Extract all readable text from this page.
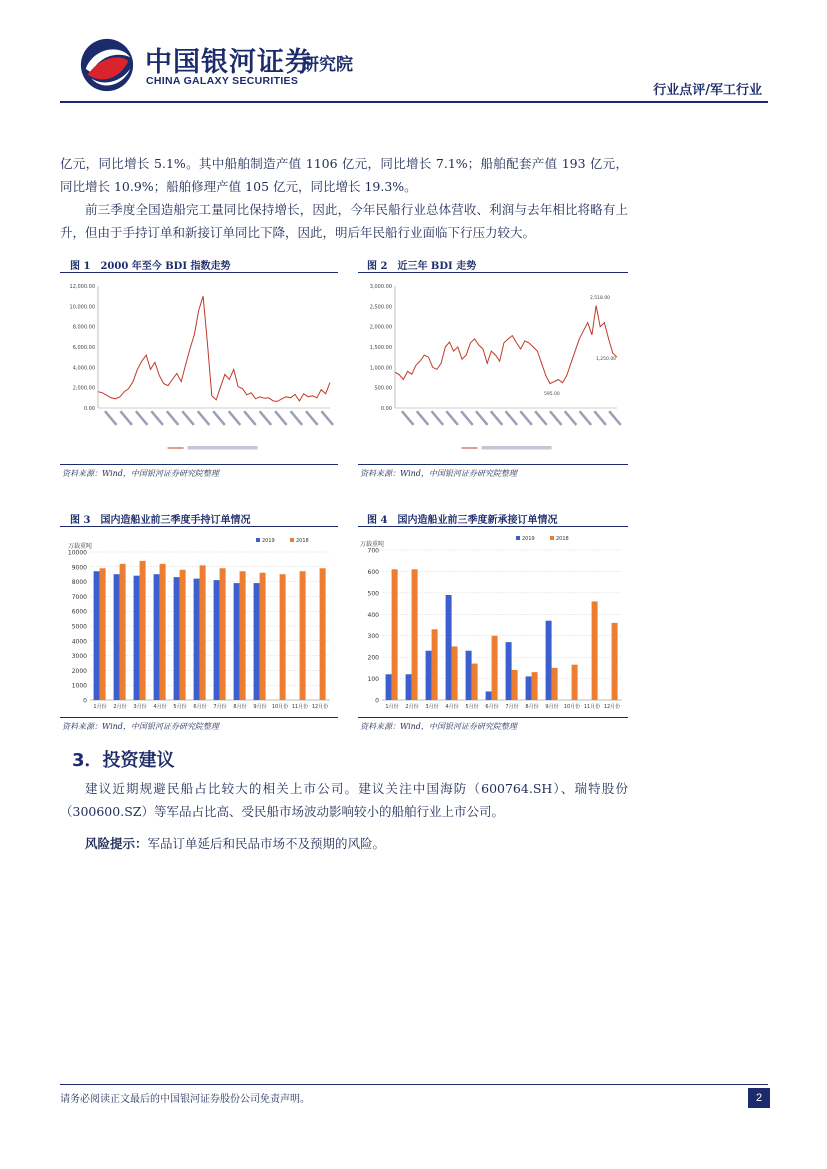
中国银河证券
CHINA GALAXY SECURITIES
研究院
行业点评/军工行业

亿元，同比增长 5.1%。其中船舶制造产值 1106 亿元，同比增长 7.1%；船舶配套产值 193 亿元，同比增长 10.9%；船舶修理产值 105 亿元，同比增长 19.3%。

前三季度全国造船完工量同比保持增长，因此，今年民船行业总体营收、利润与去年相比将略有上升，但由于手持订单和新接订单同比下降，因此，明后年民船行业面临下行压力较大。

图 1　2000 年至今 BDI 指数走势
0.00
2,000.00
4,000.00
6,000.00
8,000.00
10,000.00
12,000.00
资料来源：Wind，中国银河证券研究院整理
图 2　近三年 BDI 走势
0.00
500.00
1,000.00
1,500.00
2,000.00
2,500.00
3,000.00
2,518.00
1,250.00
595.00
资料来源：Wind，中国银河证券研究院整理
图 3　国内造船业前三季度手持订单情况
0
1000
2000
3000
4000
5000
6000
7000
8000
9000
10000
万载重吨
1月份 2月份 3月份 4月份 5月份 6月份 7月份 8月份 9月份 10月份 11月份 12月份
2019	2018
资料来源：Wind，中国银河证券研究院整理
图 4　国内造船业前三季度新承接订单情况
0
100
200
300
400
500
600
700
万载重吨
1月份 2月份 3月份 4月份 5月份 6月份 7月份 8月份 9月份 10月份 11月份 12月份
2019	2018
资料来源：Wind，中国银河证券研究院整理
3．投资建议

建议近期规避民船占比较大的相关上市公司。建议关注中国海防（600764.SH）、瑞特股份（300600.SZ）等军品占比高、受民船市场波动影响较小的船舶行业上市公司。

风险提示：军品订单延后和民品市场不及预期的风险。

请务必阅读正文最后的中国银河证券股份公司免责声明。	2
